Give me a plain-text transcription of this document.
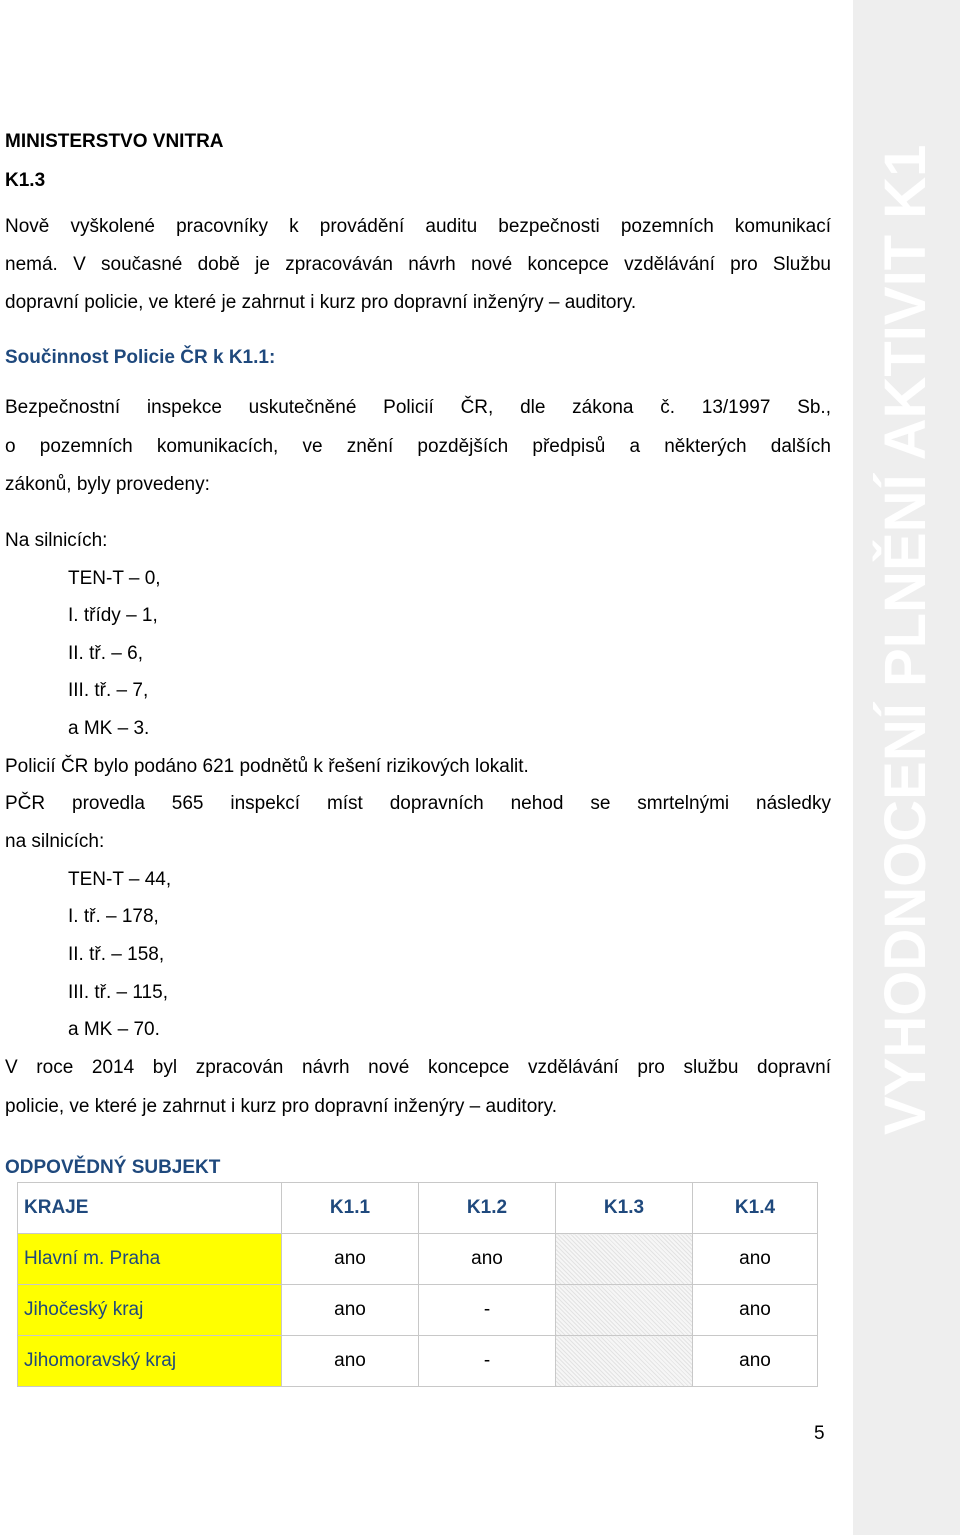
VYHODNOCENÍ PLNĚNÍ AKTIVIT K1
MINISTERSTVO VNITRA
K1.3
Nově vyškolené pracovníky k provádění auditu bezpečnosti pozemních komunikací
nemá. V současné době je zpracováván návrh nové koncepce vzdělávání pro Službu
dopravní policie, ve které je zahrnut i kurz pro dopravní inženýry – auditory.
Součinnost Policie ČR k K1.1:
Bezpečnostní inspekce uskutečněné Policií ČR, dle zákona č. 13/1997 Sb.,
o pozemních komunikacích, ve znění pozdějších předpisů a některých dalších
zákonů, byly provedeny:
Na silnicích:
TEN-T – 0,
I. třídy – 1,
II. tř. – 6,
III. tř. – 7,
a MK – 3.
Policií ČR bylo podáno 621 podnětů k řešení rizikových lokalit.
PČR provedla 565 inspekcí míst dopravních nehod se smrtelnými následky
na silnicích:
TEN-T – 44,
I. tř. – 178,
II. tř. – 158,
III. tř. – 115,
a MK – 70.
V roce 2014 byl zpracován návrh nové koncepce vzdělávání pro službu dopravní
policie, ve které je zahrnut i kurz pro dopravní inženýry – auditory.
ODPOVĚDNÝ SUBJEKT
KRAJE	K1.1	K1.2	K1.3	K1.4
Hlavní m. Praha	ano	ano		ano
Jihočeský kraj	ano	-		ano
Jihomoravský kraj	ano	-		ano
5
